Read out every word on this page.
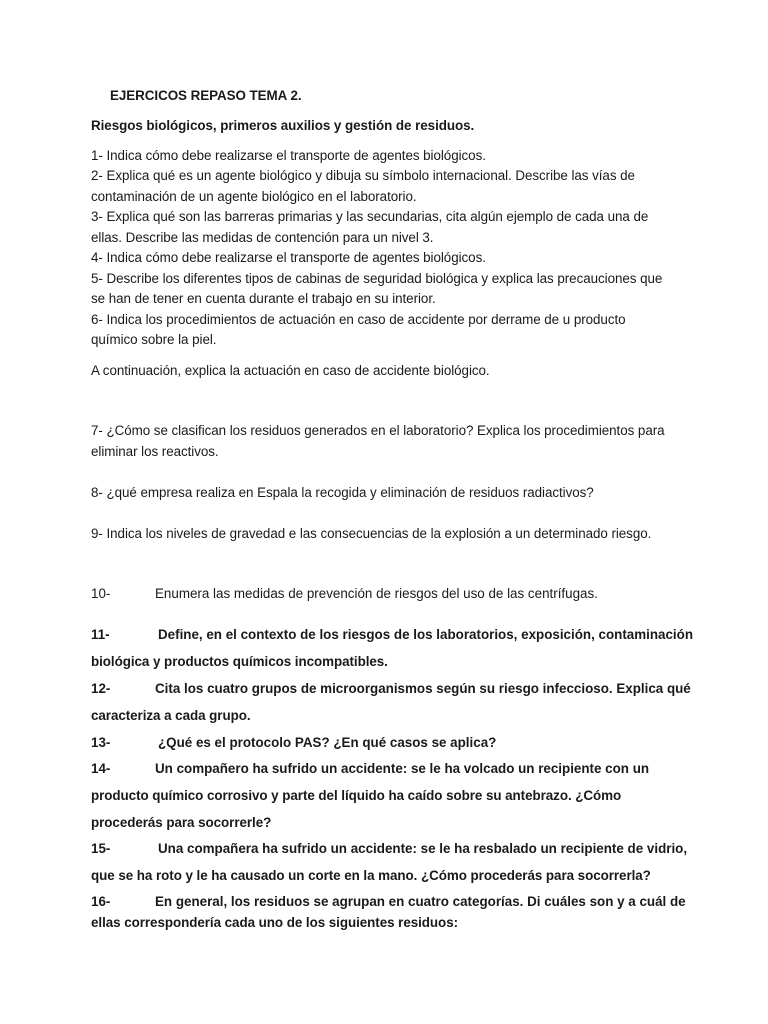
EJERCICOS REPASO TEMA 2.
Riesgos biológicos, primeros auxilios y gestión de residuos.
1- Indica cómo debe realizarse el transporte de agentes biológicos.
2- Explica qué es un agente biológico y dibuja su símbolo internacional. Describe las vías de
contaminación de un agente biológico en el laboratorio.
3- Explica qué son las barreras primarias y las secundarias, cita algún ejemplo de cada una de
ellas. Describe las medidas de contención para un nivel 3.
4- Indica cómo debe realizarse el transporte de agentes biológicos.
5- Describe los diferentes tipos de cabinas de seguridad biológica y explica las precauciones que
se han de tener en cuenta durante el trabajo en su interior.
6- Indica los procedimientos de actuación en caso de accidente por derrame de u producto
químico sobre la piel.
A continuación, explica la actuación en caso de accidente biológico.
7- ¿Cómo se clasifican los residuos generados en el laboratorio? Explica los procedimientos para
eliminar los reactivos.
8- ¿qué empresa realiza en Espala la recogida y eliminación de residuos radiactivos?
9- Indica los niveles de gravedad e las consecuencias de la explosión a un determinado riesgo.
10-	Enumera las medidas de prevención de riesgos del uso de las centrífugas.
11-	Define, en el contexto de los riesgos de los laboratorios, exposición, contaminación
biológica y productos químicos incompatibles.
12-	Cita los cuatro grupos de microorganismos según su riesgo infeccioso. Explica qué
caracteriza a cada grupo.
13-	¿Qué es el protocolo PAS? ¿En qué casos se aplica?
14-	Un compañero ha sufrido un accidente: se le ha volcado un recipiente con un
producto químico corrosivo y parte del líquido ha caído sobre su antebrazo. ¿Cómo
procederás para socorrerle?
15-	Una compañera ha sufrido un accidente: se le ha resbalado un recipiente de vidrio,
que se ha roto y le ha causado un corte en la mano. ¿Cómo procederás para socorrerla?
16-	En general, los residuos se agrupan en cuatro categorías. Di cuáles son y a cuál de
ellas correspondería cada uno de los siguientes residuos:
